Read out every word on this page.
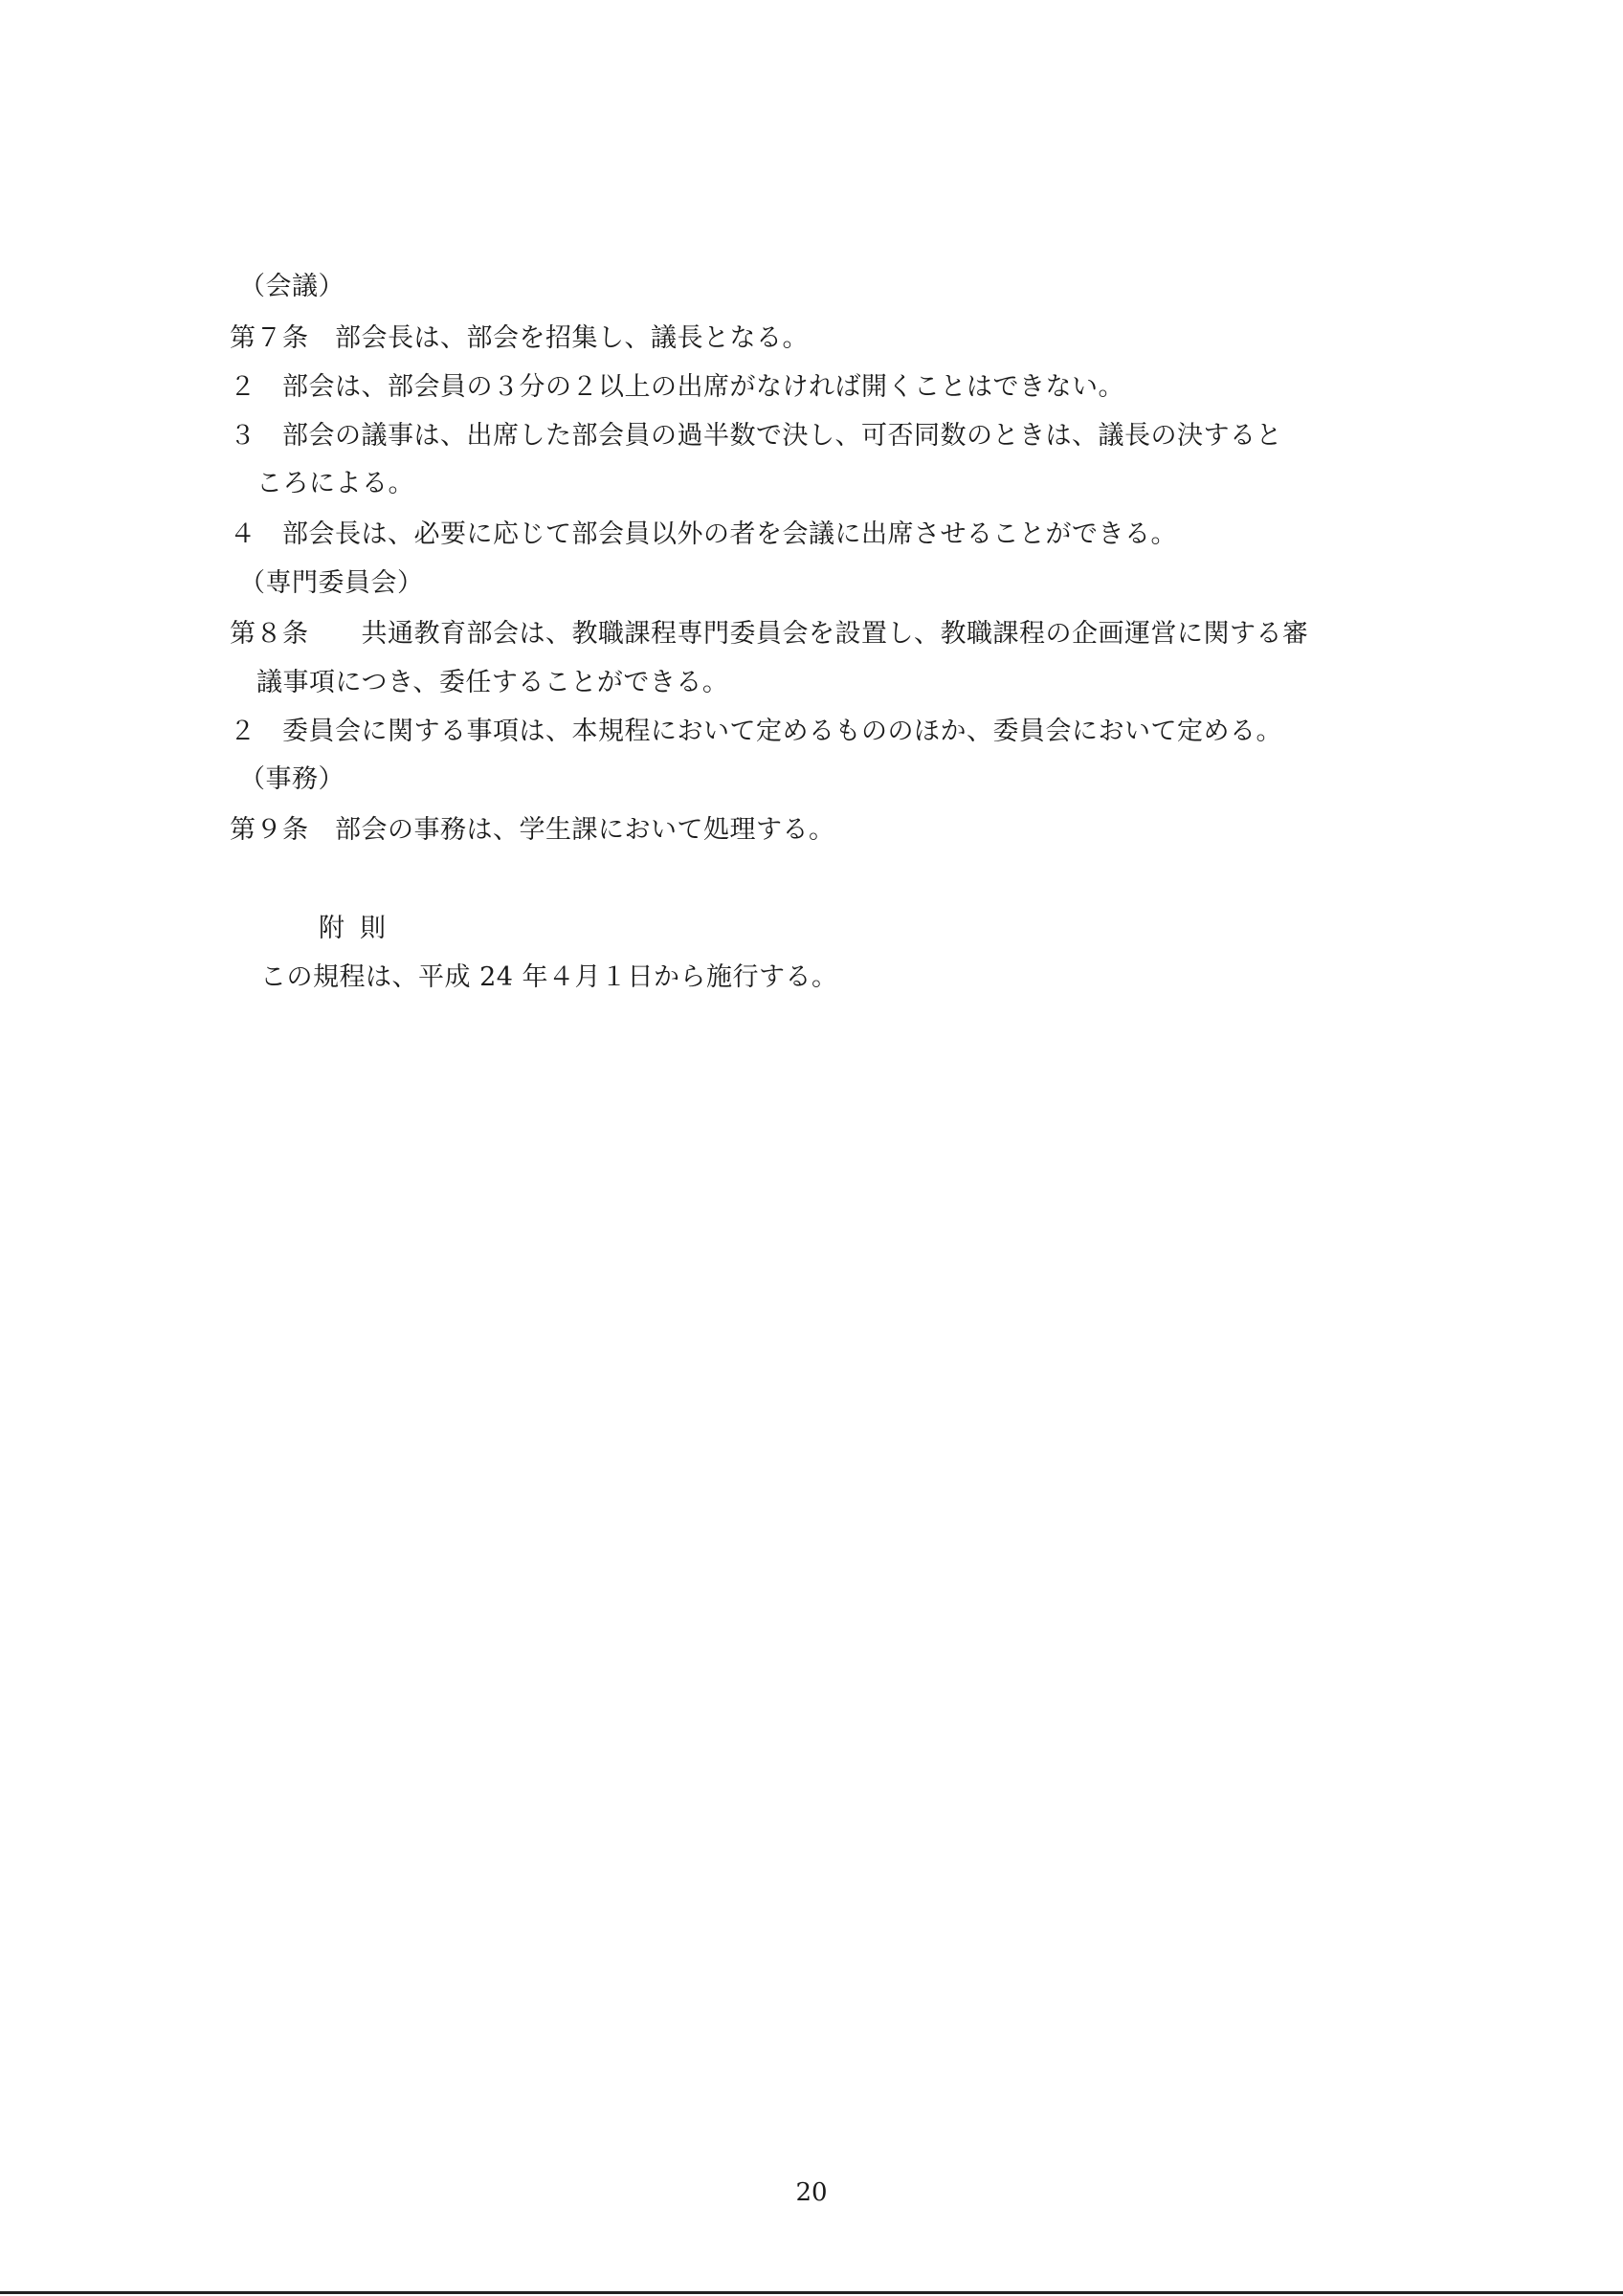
（会議）
第７条　部会長は、部会を招集し、議長となる。
２　部会は、部会員の３分の２以上の出席がなければ開くことはできない。
３　部会の議事は、出席した部会員の過半数で決し、可否同数のときは、議長の決すると
ころによる。
４　部会長は、必要に応じて部会員以外の者を会議に出席させることができる。
（専門委員会）
第８条　　共通教育部会は、教職課程専門委員会を設置し、教職課程の企画運営に関する審
議事項につき、委任することができる。
２　委員会に関する事項は、本規程において定めるもののほか、委員会において定める。
（事務）
第９条　部会の事務は、学生課において処理する。
附則
この規程は、平成 24 年４月１日から施行する。
20
